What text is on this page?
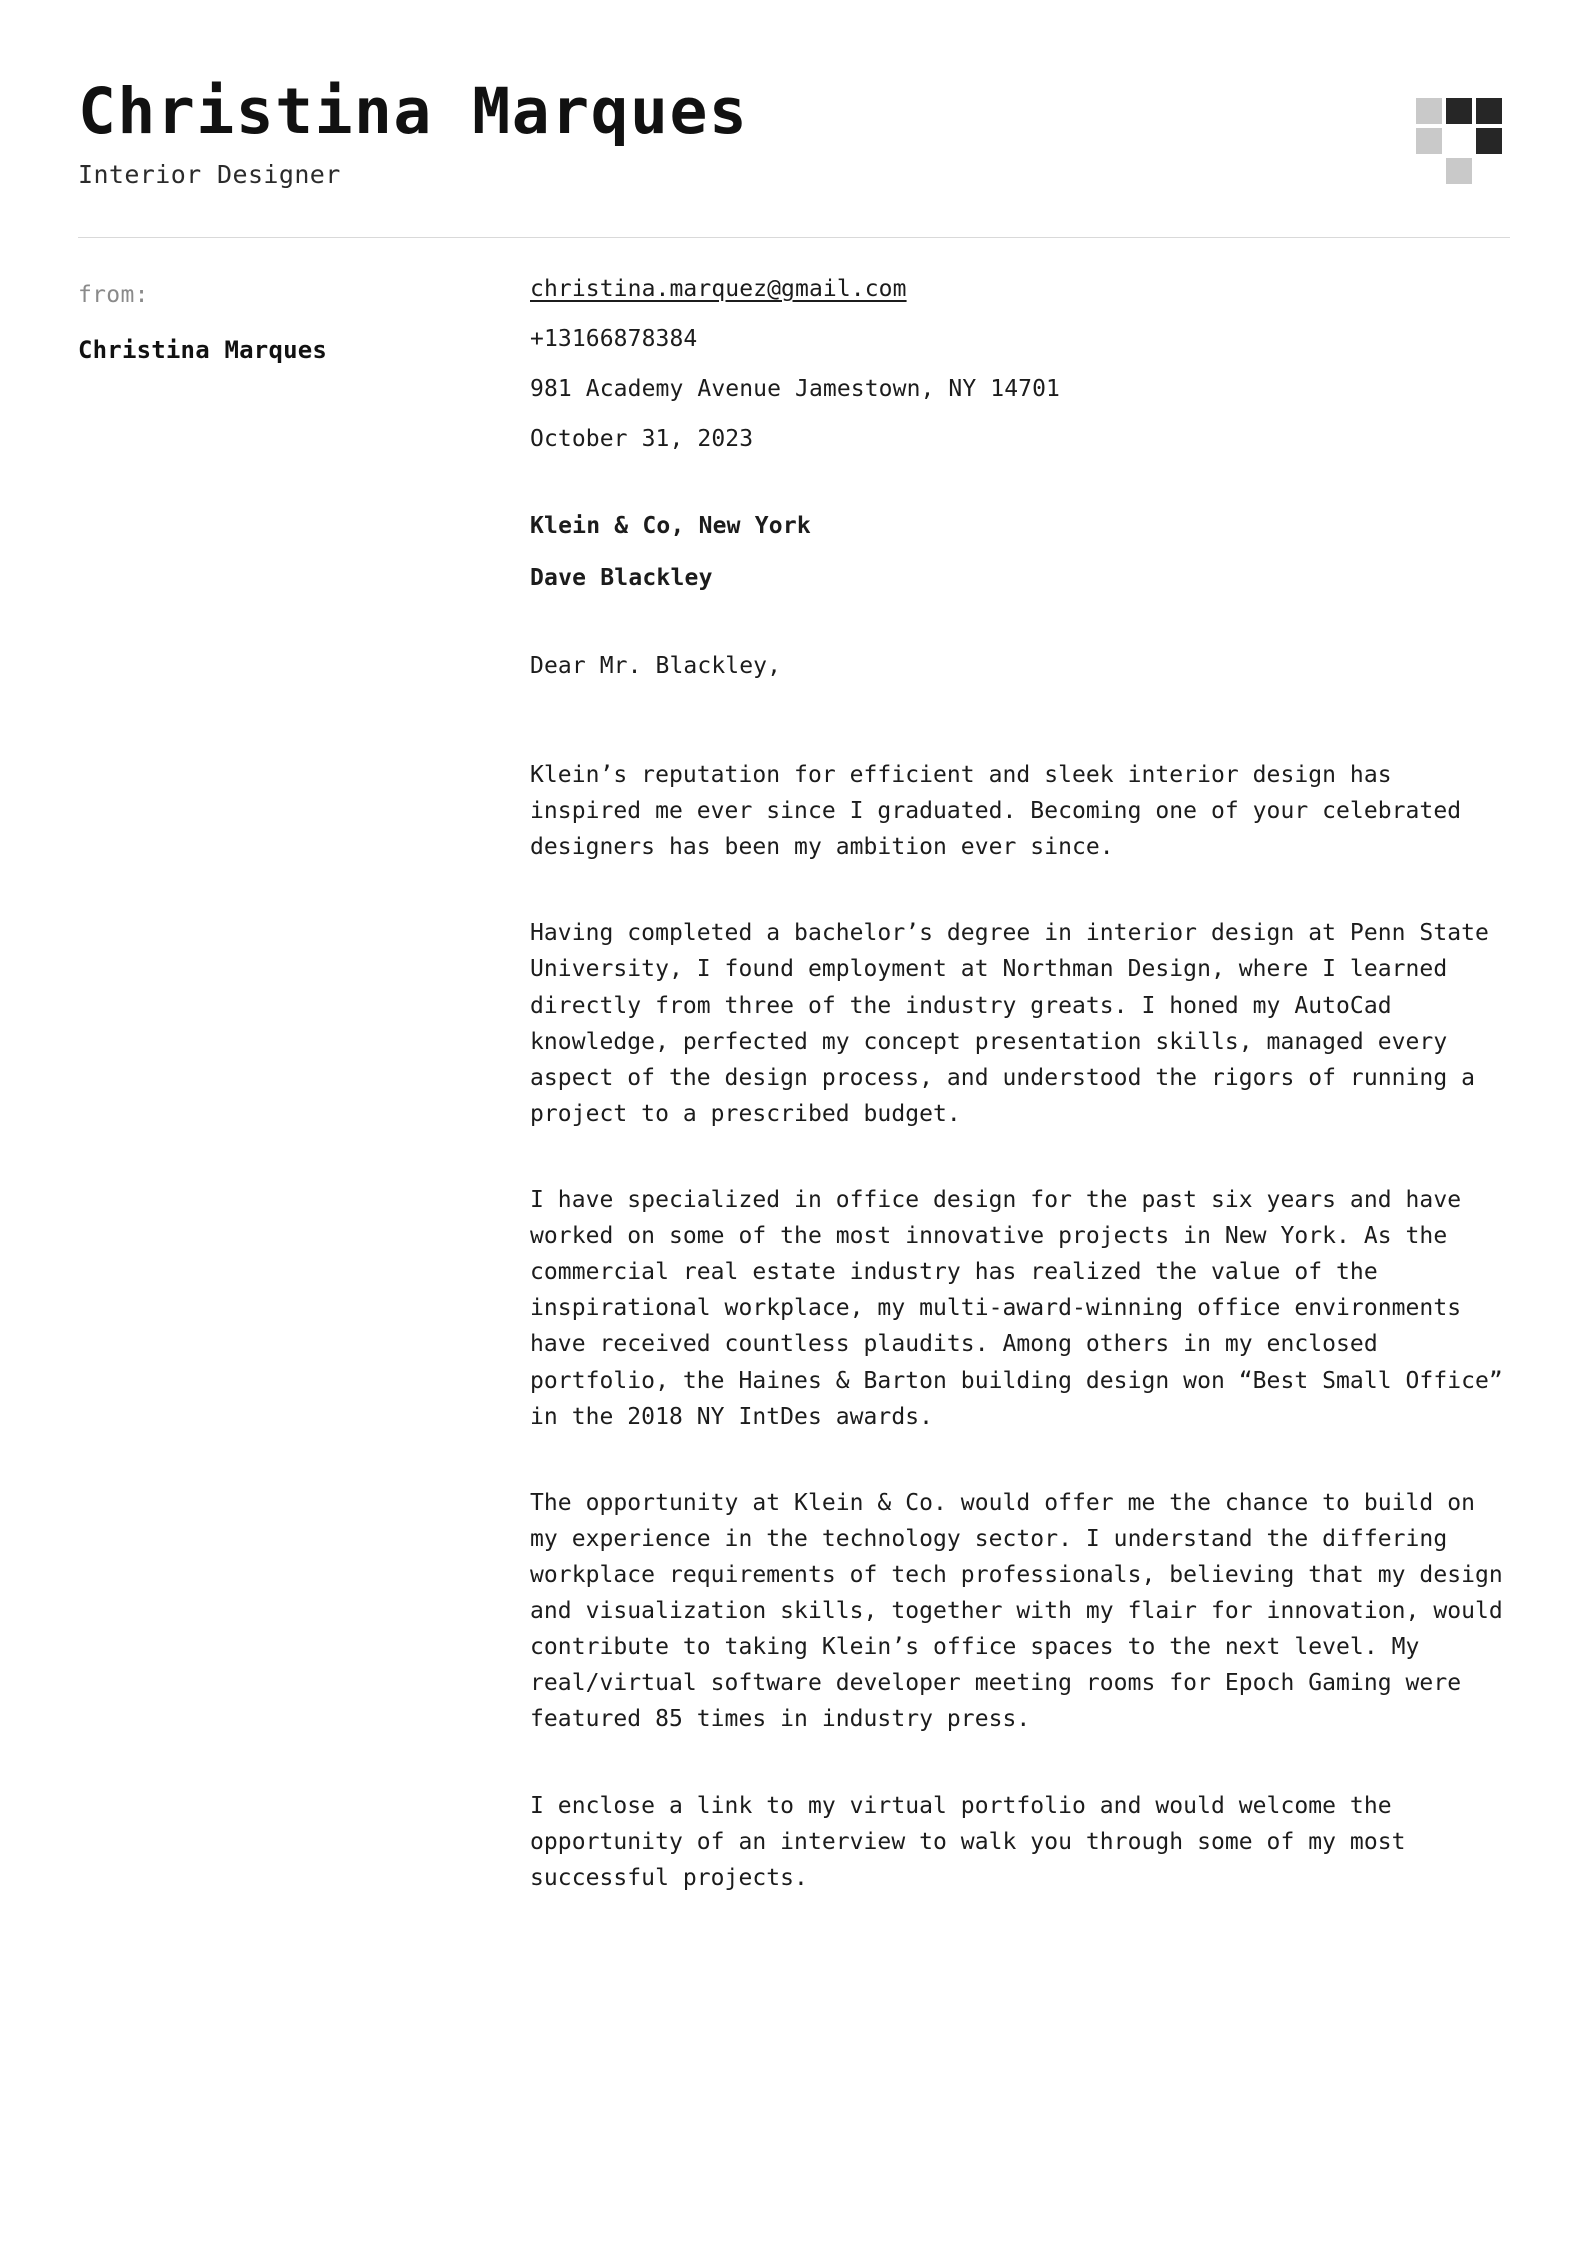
Christina Marques

Interior Designer

from:

Christina Marques

christina.marquez@gmail.com

+13166878384

981 Academy Avenue Jamestown, NY 14701

October 31, 2023

Klein & Co, New York

Dave Blackley

Dear Mr. Blackley,

Klein’s reputation for efficient and sleek interior design has inspired me ever since I graduated. Becoming one of your celebrated designers has been my ambition ever since.

Having completed a bachelor’s degree in interior design at Penn State University, I found employment at Northman Design, where I learned directly from three of the industry greats. I honed my AutoCad knowledge, perfected my concept presentation skills, managed every aspect of the design process, and understood the rigors of running a project to a prescribed budget.

I have specialized in office design for the past six years and have worked on some of the most innovative projects in New York. As the commercial real estate industry has realized the value of the inspirational workplace, my multi-award-winning office environments have received countless plaudits. Among others in my enclosed portfolio, the Haines & Barton building design won “Best Small Office” in the 2018 NY IntDes awards.

The opportunity at Klein & Co. would offer me the chance to build on my experience in the technology sector. I understand the differing workplace requirements of tech professionals, believing that my design and visualization skills, together with my flair for innovation, would contribute to taking Klein’s office spaces to the next level. My real/virtual software developer meeting rooms for Epoch Gaming were featured 85 times in industry press.

I enclose a link to my virtual portfolio and would welcome the opportunity of an interview to walk you through some of my most successful projects.
